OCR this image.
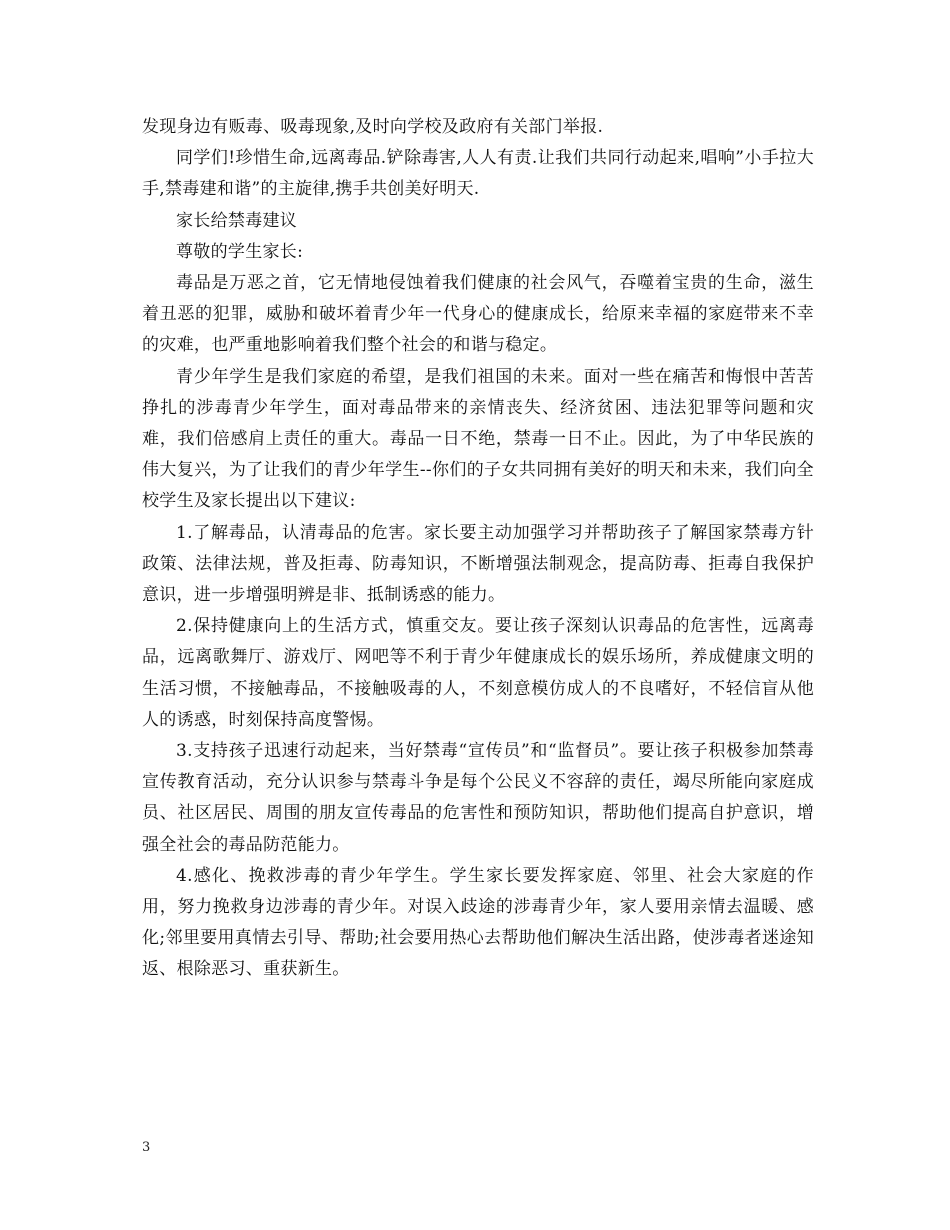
发现身边有贩毒、吸毒现象,及时向学校及政府有关部门举报.

同学们!珍惜生命,远离毒品.铲除毒害,人人有责.让我们共同行动起来,唱响”小手拉大手,禁毒建和谐”的主旋律,携手共创美好明天.

家长给禁毒建议

尊敬的学生家长:

毒品是万恶之首，它无情地侵蚀着我们健康的社会风气，吞噬着宝贵的生命，滋生着丑恶的犯罪，威胁和破坏着青少年一代身心的健康成长，给原来幸福的家庭带来不幸的灾难，也严重地影响着我们整个社会的和谐与稳定。

青少年学生是我们家庭的希望，是我们祖国的未来。面对一些在痛苦和悔恨中苦苦挣扎的涉毒青少年学生，面对毒品带来的亲情丧失、经济贫困、违法犯罪等问题和灾难，我们倍感肩上责任的重大。毒品一日不绝，禁毒一日不止。因此，为了中华民族的伟大复兴，为了让我们的青少年学生--你们的子女共同拥有美好的明天和未来，我们向全校学生及家长提出以下建议:

1.了解毒品，认清毒品的危害。家长要主动加强学习并帮助孩子了解国家禁毒方针政策、法律法规，普及拒毒、防毒知识，不断增强法制观念，提高防毒、拒毒自我保护意识，进一步增强明辨是非、抵制诱惑的能力。

2.保持健康向上的生活方式，慎重交友。要让孩子深刻认识毒品的危害性，远离毒品，远离歌舞厅、游戏厅、网吧等不利于青少年健康成长的娱乐场所，养成健康文明的生活习惯，不接触毒品，不接触吸毒的人，不刻意模仿成人的不良嗜好，不轻信盲从他人的诱惑，时刻保持高度警惕。

3.支持孩子迅速行动起来，当好禁毒“宣传员”和“监督员”。要让孩子积极参加禁毒宣传教育活动，充分认识参与禁毒斗争是每个公民义不容辞的责任，竭尽所能向家庭成员、社区居民、周围的朋友宣传毒品的危害性和预防知识，帮助他们提高自护意识，增强全社会的毒品防范能力。

4.感化、挽救涉毒的青少年学生。学生家长要发挥家庭、邻里、社会大家庭的作用，努力挽救身边涉毒的青少年。对误入歧途的涉毒青少年，家人要用亲情去温暖、感化;邻里要用真情去引导、帮助;社会要用热心去帮助他们解决生活出路，使涉毒者迷途知返、根除恶习、重获新生。

3
